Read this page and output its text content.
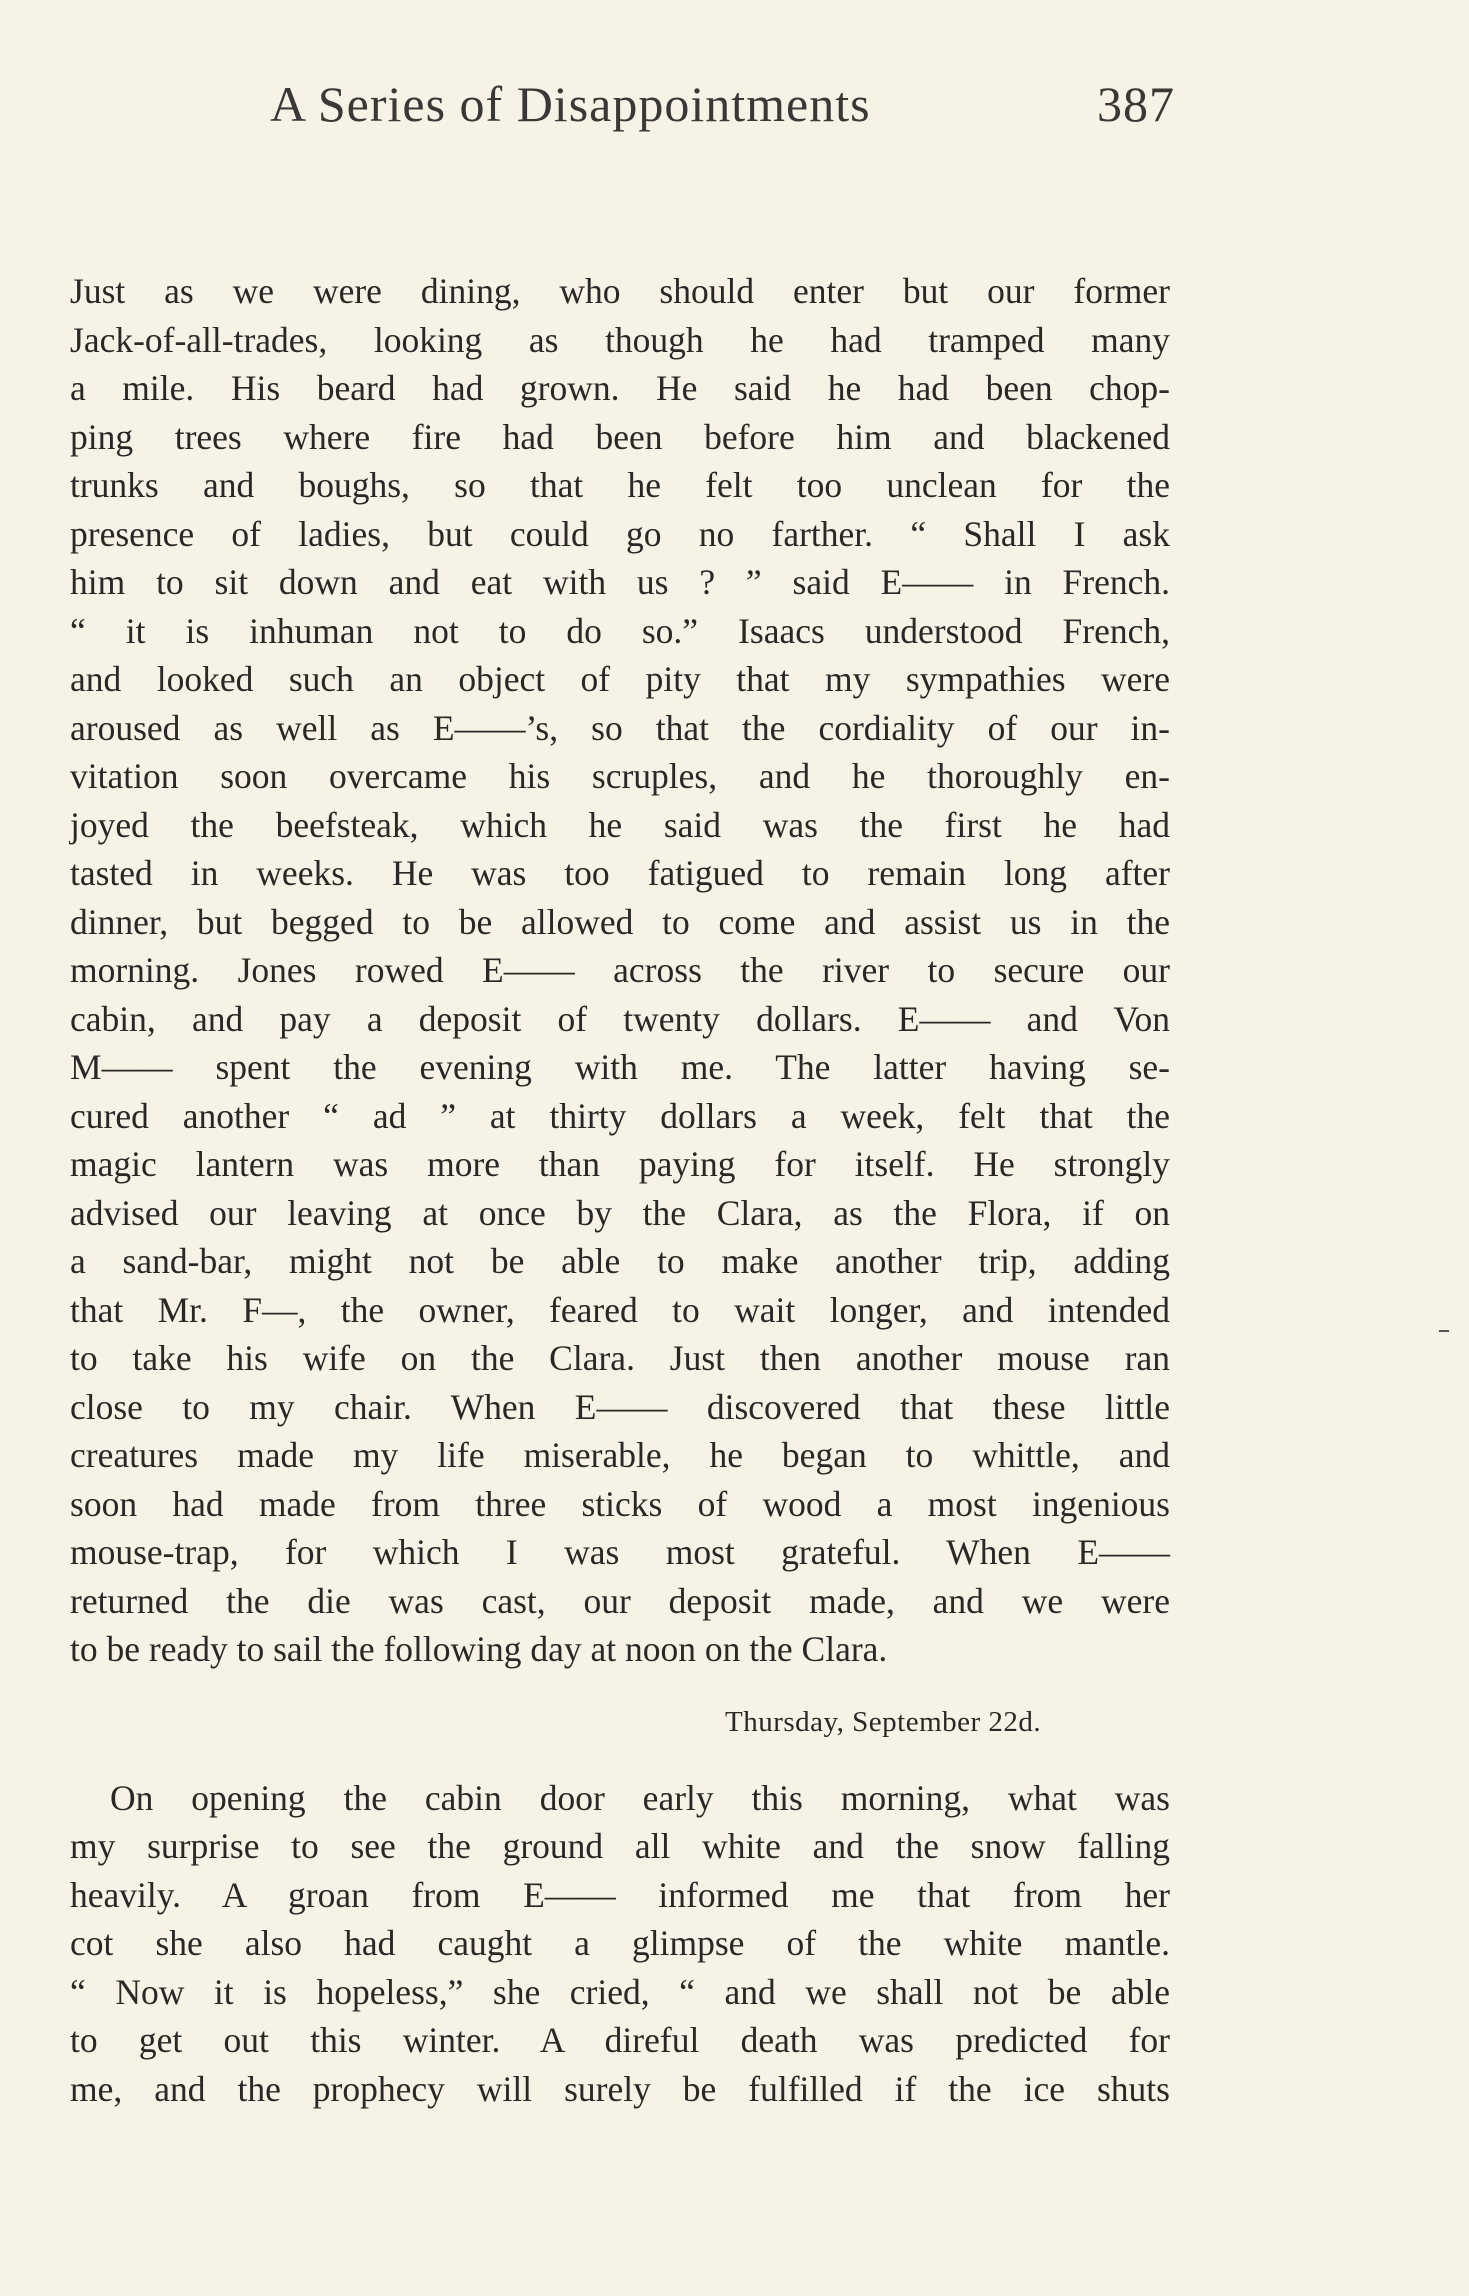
A Series of Disappointments	387
Just as we were dining, who should enter but our former
Jack-of-all-trades, looking as though he had tramped many
a mile. His beard had grown. He said he had been chop-
ping trees where fire had been before him and blackened
trunks and boughs, so that he felt too unclean for the
presence of ladies, but could go no farther. “ Shall I ask
him to sit down and eat with us ? ” said E—— in French.
“ it is inhuman not to do so.” Isaacs understood French,
and looked such an object of pity that my sympathies were
aroused as well as E——’s, so that the cordiality of our in-
vitation soon overcame his scruples, and he thoroughly en-
joyed the beefsteak, which he said was the first he had
tasted in weeks. He was too fatigued to remain long after
dinner, but begged to be allowed to come and assist us in the
morning. Jones rowed E—— across the river to secure our
cabin, and pay a deposit of twenty dollars. E—— and Von
M—— spent the evening with me. The latter having se-
cured another “ ad ” at thirty dollars a week, felt that the
magic lantern was more than paying for itself. He strongly
advised our leaving at once by the Clara, as the Flora, if on
a sand-bar, might not be able to make another trip, adding
that Mr. F—, the owner, feared to wait longer, and intended
to take his wife on the Clara. Just then another mouse ran
close to my chair. When E—— discovered that these little
creatures made my life miserable, he began to whittle, and
soon had made from three sticks of wood a most ingenious
mouse-trap, for which I was most grateful. When E——
returned the die was cast, our deposit made, and we were
to be ready to sail the following day at noon on the Clara.
Thursday, September 22d.
On opening the cabin door early this morning, what was
my surprise to see the ground all white and the snow falling
heavily. A groan from E—— informed me that from her
cot she also had caught a glimpse of the white mantle.
“ Now it is hopeless,” she cried, “ and we shall not be able
to get out this winter. A direful death was predicted for
me, and the prophecy will surely be fulfilled if the ice shuts
